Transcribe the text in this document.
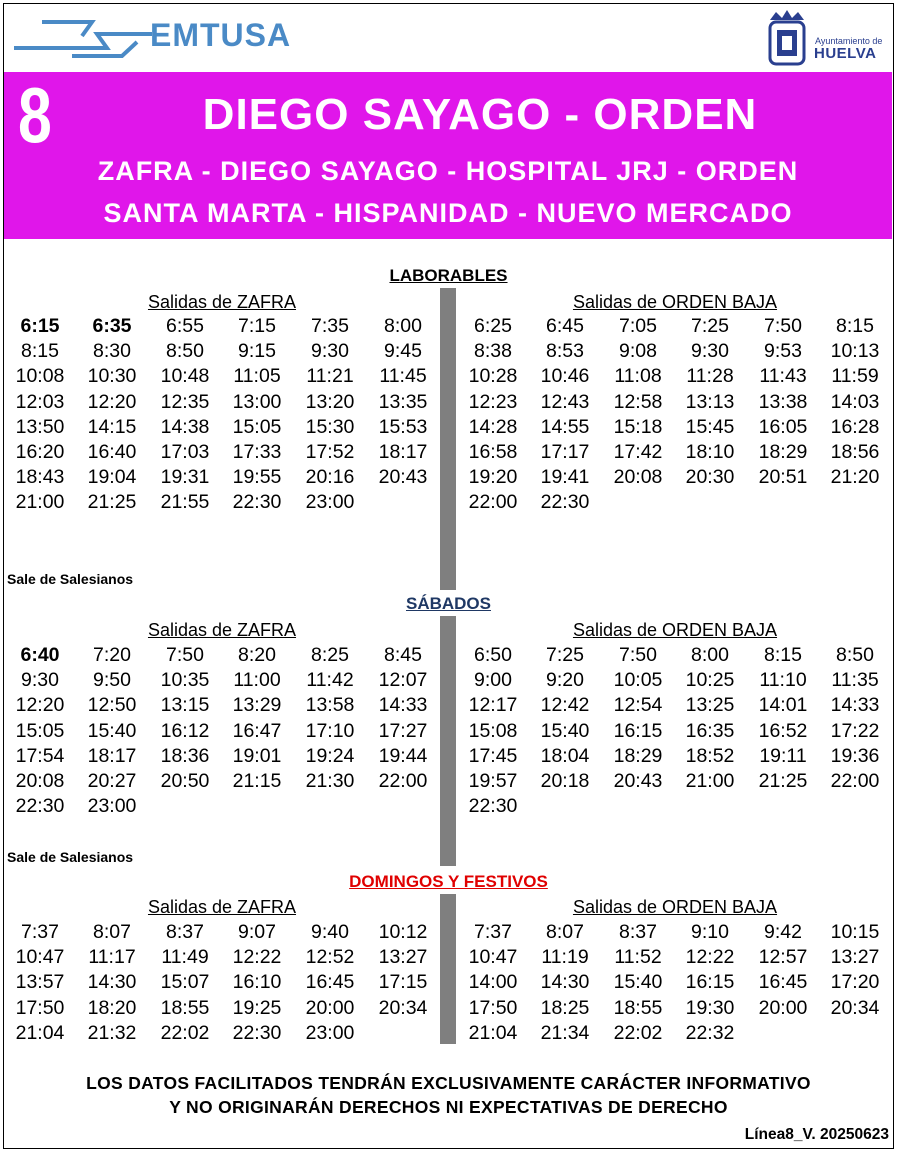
EMTUSA	Ayuntamiento de
HUELVA
8	DIEGO SAYAGO - ORDEN
ZAFRA - DIEGO SAYAGO - HOSPITAL JRJ - ORDEN
SANTA MARTA - HISPANIDAD - NUEVO MERCADO
LABORABLES
SÁBADOS
DOMINGOS Y FESTIVOS
Salidas de ZAFRA	Salidas de ORDEN BAJA
Salidas de ZAFRA	Salidas de ORDEN BAJA
Salidas de ZAFRA	Salidas de ORDEN BAJA
Sale de Salesianos
Sale de Salesianos
6:15	6:35	6:55	7:15	7:35	8:00
8:15	8:30	8:50	9:15	9:30	9:45
10:08	10:30	10:48	11:05	11:21	11:45
12:03	12:20	12:35	13:00	13:20	13:35
13:50	14:15	14:38	15:05	15:30	15:53
16:20	16:40	17:03	17:33	17:52	18:17
18:43	19:04	19:31	19:55	20:16	20:43
21:00	21:25	21:55	22:30	23:00
6:25	6:45	7:05	7:25	7:50	8:15
8:38	8:53	9:08	9:30	9:53	10:13
10:28	10:46	11:08	11:28	11:43	11:59
12:23	12:43	12:58	13:13	13:38	14:03
14:28	14:55	15:18	15:45	16:05	16:28
16:58	17:17	17:42	18:10	18:29	18:56
19:20	19:41	20:08	20:30	20:51	21:20
22:00	22:30
6:40	7:20	7:50	8:20	8:25	8:45
9:30	9:50	10:35	11:00	11:42	12:07
12:20	12:50	13:15	13:29	13:58	14:33
15:05	15:40	16:12	16:47	17:10	17:27
17:54	18:17	18:36	19:01	19:24	19:44
20:08	20:27	20:50	21:15	21:30	22:00
22:30	23:00
6:50	7:25	7:50	8:00	8:15	8:50
9:00	9:20	10:05	10:25	11:10	11:35
12:17	12:42	12:54	13:25	14:01	14:33
15:08	15:40	16:15	16:35	16:52	17:22
17:45	18:04	18:29	18:52	19:11	19:36
19:57	20:18	20:43	21:00	21:25	22:00
22:30
7:37	8:07	8:37	9:07	9:40	10:12
10:47	11:17	11:49	12:22	12:52	13:27
13:57	14:30	15:07	16:10	16:45	17:15
17:50	18:20	18:55	19:25	20:00	20:34
21:04	21:32	22:02	22:30	23:00
7:37	8:07	8:37	9:10	9:42	10:15
10:47	11:19	11:52	12:22	12:57	13:27
14:00	14:30	15:40	16:15	16:45	17:20
17:50	18:25	18:55	19:30	20:00	20:34
21:04	21:34	22:02	22:32
LOS DATOS FACILITADOS TENDRÁN EXCLUSIVAMENTE CARÁCTER INFORMATIVO
Y NO ORIGINARÁN DERECHOS NI EXPECTATIVAS DE DERECHO
Línea8_V. 20250623
